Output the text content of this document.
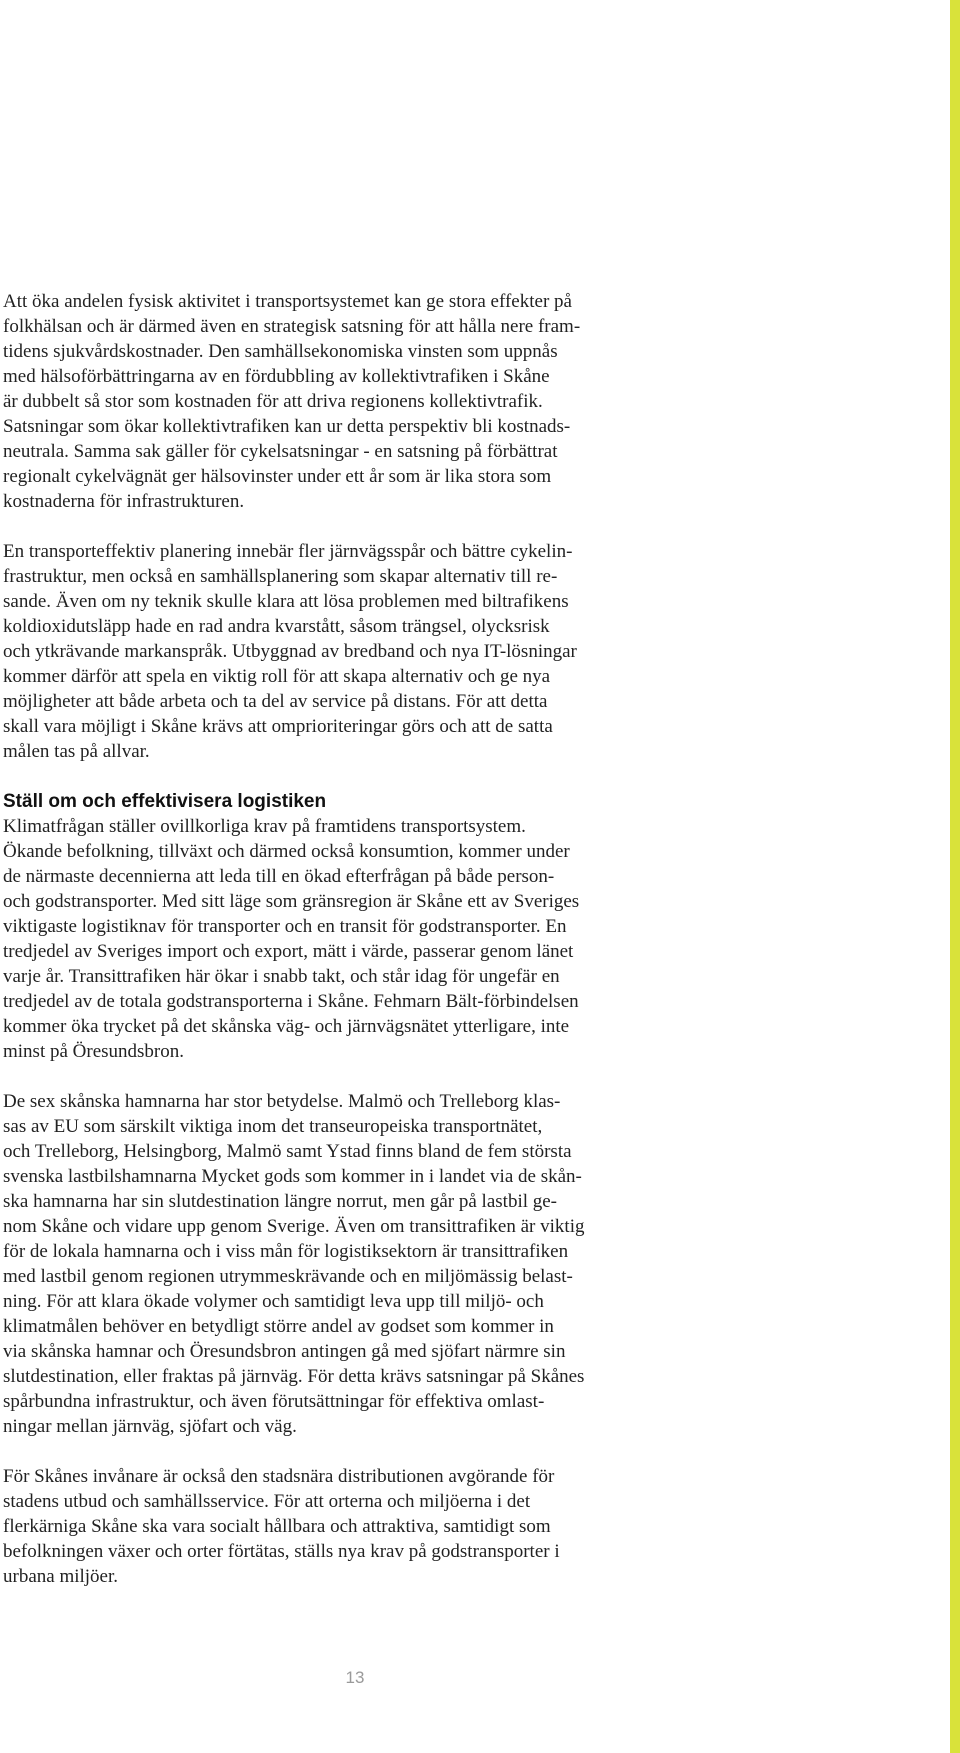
Att öka andelen fysisk aktivitet i transportsystemet kan ge stora effekter på
folkhälsan och är därmed även en strategisk satsning för att hålla nere fram-
tidens sjukvårdskostnader. Den samhällsekonomiska vinsten som uppnås
med hälsoförbättringarna av en fördubbling av kollektivtrafiken i Skåne
är dubbelt så stor som kostnaden för att driva regionens kollektivtrafik.
Satsningar som ökar kollektivtrafiken kan ur detta perspektiv bli kostnads-
neutrala. Samma sak gäller för cykelsatsningar - en satsning på förbättrat
regionalt cykelvägnät ger hälsovinster under ett år som är lika stora som
kostnaderna för infrastrukturen.

En transporteffektiv planering innebär fler järnvägsspår och bättre cykelin-
frastruktur, men också en samhällsplanering som skapar alternativ till re-
sande. Även om ny teknik skulle klara att lösa problemen med biltrafikens
koldioxidutsläpp hade en rad andra kvarstått, såsom trängsel, olycksrisk
och ytkrävande markanspråk. Utbyggnad av bredband och nya IT-lösningar
kommer därför att spela en viktig roll för att skapa alternativ och ge nya
möjligheter att både arbeta och ta del av service på distans. För att detta
skall vara möjligt i Skåne krävs att omprioriteringar görs och att de satta
målen tas på allvar.

Ställ om och effektivisera logistiken

Klimatfrågan ställer ovillkorliga krav på framtidens transportsystem.
Ökande befolkning, tillväxt och därmed också konsumtion, kommer under
de närmaste decennierna att leda till en ökad efterfrågan på både person-
och godstransporter. Med sitt läge som gränsregion är Skåne ett av Sveriges
viktigaste logistiknav för transporter och en transit för godstransporter. En
tredjedel av Sveriges import och export, mätt i värde, passerar genom länet
varje år. Transittrafiken här ökar i snabb takt, och står idag för ungefär en
tredjedel av de totala godstransporterna i Skåne. Fehmarn Bält-förbindelsen
kommer öka trycket på det skånska väg- och järnvägsnätet ytterligare, inte
minst på Öresundsbron.

De sex skånska hamnarna har stor betydelse. Malmö och Trelleborg klas-
sas av EU som särskilt viktiga inom det transeuropeiska transportnätet,
och Trelleborg, Helsingborg, Malmö samt Ystad finns bland de fem största
svenska lastbilshamnarna Mycket gods som kommer in i landet via de skån-
ska hamnarna har sin slutdestination längre norrut, men går på lastbil ge-
nom Skåne och vidare upp genom Sverige. Även om transittrafiken är viktig
för de lokala hamnarna och i viss mån för logistiksektorn är transittrafiken
med lastbil genom regionen utrymmeskrävande och en miljömässig belast-
ning. För att klara ökade volymer och samtidigt leva upp till miljö- och
klimatmålen behöver en betydligt större andel av godset som kommer in
via skånska hamnar och Öresundsbron antingen gå med sjöfart närmre sin
slutdestination, eller fraktas på järnväg. För detta krävs satsningar på Skånes
spårbundna infrastruktur, och även förutsättningar för effektiva omlast-
ningar mellan järnväg, sjöfart och väg.

För Skånes invånare är också den stadsnära distributionen avgörande för
stadens utbud och samhällsservice. För att orterna och miljöerna i det
flerkärniga Skåne ska vara socialt hållbara och attraktiva, samtidigt som
befolkningen växer och orter förtätas, ställs nya krav på godstransporter i
urbana miljöer.

13
